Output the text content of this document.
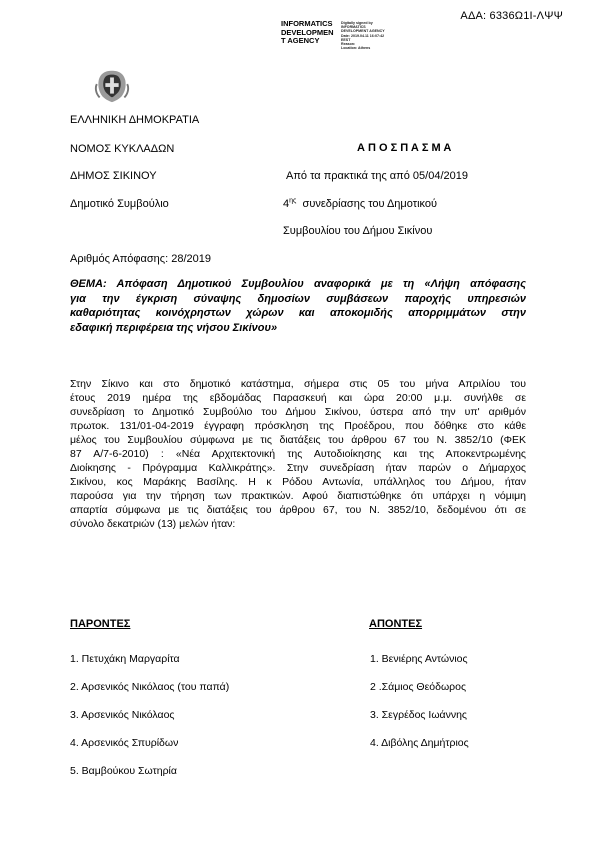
ΑΔΑ: 6336Ω1Ι-ΛΨΨ
INFORMATICS
DEVELOPMEN
T AGENCY
Digitally signed by
INFORMATICS
DEVELOPMENT AGENCY
Date: 2019.04.11 16:07:42
EEST
Reason:
Location: Athens
ΕΛΛΗΝΙΚΗ ΔΗΜΟΚΡΑΤΙΑ
ΝΟΜΟΣ ΚΥΚΛΑΔΩΝ
ΔΗΜΟΣ ΣΙΚΙΝΟΥ
Δημοτικό Συμβούλιο
Αριθμός Απόφασης: 28/2019
Α Π Ο Σ Π Α Σ Μ Α
Από τα πρακτικά της από 05/04/2019
$4^{\eta\varsigma}$ συνεδρίασης του Δημοτικού
Συμβουλίου του Δήμου Σικίνου
ΘΕΜΑ: Απόφαση Δημοτικού Συμβουλίου αναφορικά με τη «Λήψη απόφασης
για την έγκριση σύναψης δημοσίων συμβάσεων παροχής υπηρεσιών
καθαριότητας κοινόχρηστων χώρων και αποκομιδής απορριμμάτων στην
εδαφική περιφέρεια της νήσου Σικίνου»
Στην Σίκινο και στο δημοτικό κατάστημα, σήμερα στις 05 του μήνα Απριλίου του
έτους 2019 ημέρα της εβδομάδας Παρασκευή και ώρα 20:00 μ.μ. συνήλθε σε
συνεδρίαση το Δημοτικό Συμβούλιο του Δήμου Σικίνου, ύστερα από την υπ' αριθμόν
πρωτοκ. 131/01-04-2019 έγγραφη πρόσκληση της Προέδρου, που δόθηκε στο κάθε
μέλος του Συμβουλίου σύμφωνα με τις διατάξεις του άρθρου 67 του Ν. 3852/10 (ΦΕΚ
87 Α/7-6-2010) : «Νέα Αρχιτεκτονική της Αυτοδιοίκησης και της Αποκεντρωμένης
Διοίκησης - Πρόγραμμα Καλλικράτης». Στην συνεδρίαση ήταν παρών ο Δήμαρχος
Σικίνου, κος Μαράκης Βασίλης. Η κ Ρόδου Αντωνία, υπάλληλος του Δήμου, ήταν
παρούσα για την τήρηση των πρακτικών. Αφού διαπιστώθηκε ότι υπάρχει η νόμιμη
απαρτία σύμφωνα με τις διατάξεις του άρθρου 67, του Ν. 3852/10, δεδομένου ότι σε
σύνολο δεκατριών (13) μελών ήταν:
ΠΑΡΟΝΤΕΣ	ΑΠΟΝΤΕΣ
1. Πετυχάκη Μαργαρίτα
2. Αρσενικός Νικόλαος (του παπά)
3. Αρσενικός Νικόλαος
4. Αρσενικός Σπυρίδων
5. Βαμβούκου Σωτηρία
1. Βενιέρης Αντώνιος
2 .Σάμιος Θεόδωρος
3. Σεγρέδος Ιωάννης
4. Διβόλης Δημήτριος
